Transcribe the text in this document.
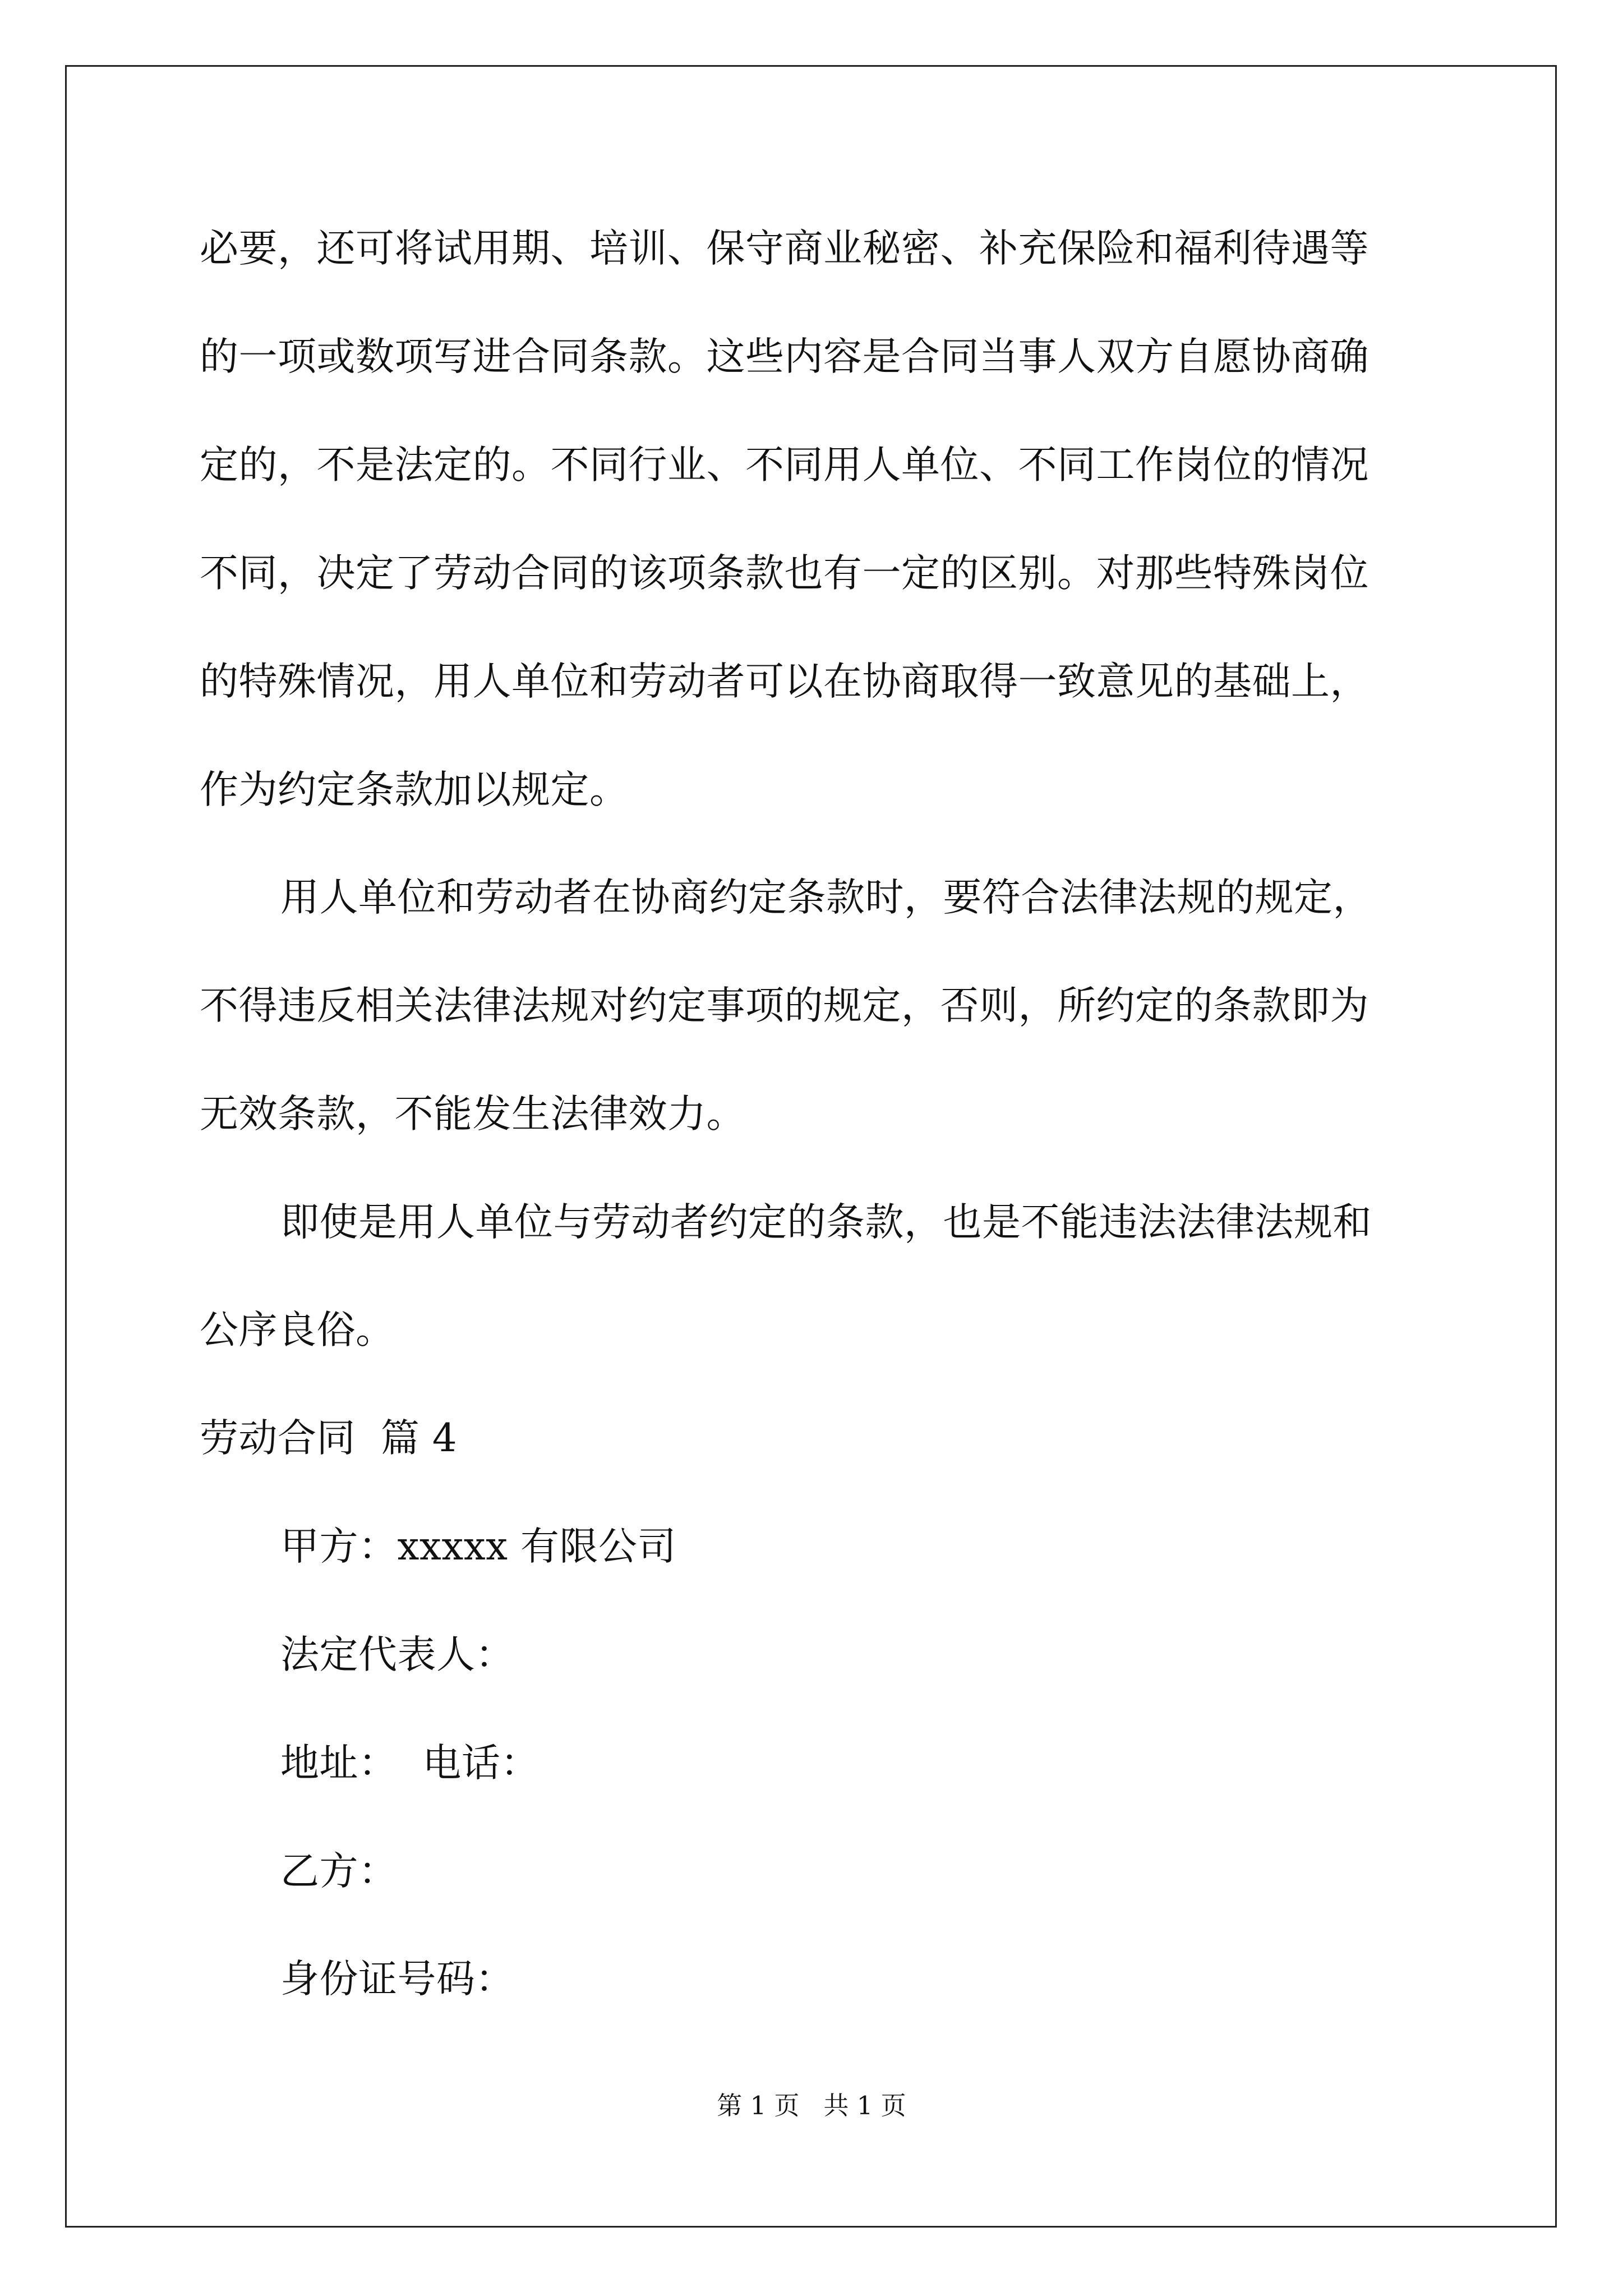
必要，还可将试用期、培训、保守商业秘密、补充保险和福利待遇等
的一项或数项写进合同条款。这些内容是合同当事人双方自愿协商确
定的，不是法定的。不同行业、不同用人单位、不同工作岗位的情况
不同，决定了劳动合同的该项条款也有一定的区别。对那些特殊岗位
的特殊情况，用人单位和劳动者可以在协商取得一致意见的基础上，
作为约定条款加以规定。
用人单位和劳动者在协商约定条款时，要符合法律法规的规定，
不得违反相关法律法规对约定事项的规定，否则，所约定的条款即为
无效条款，不能发生法律效力。
即使是用人单位与劳动者约定的条款，也是不能违法法律法规和
公序良俗。
劳动合同  篇 4
甲方：xxxxx 有限公司
法定代表人：
地址：  电话：
乙方：
身份证号码：
第 1 页   共 1 页
